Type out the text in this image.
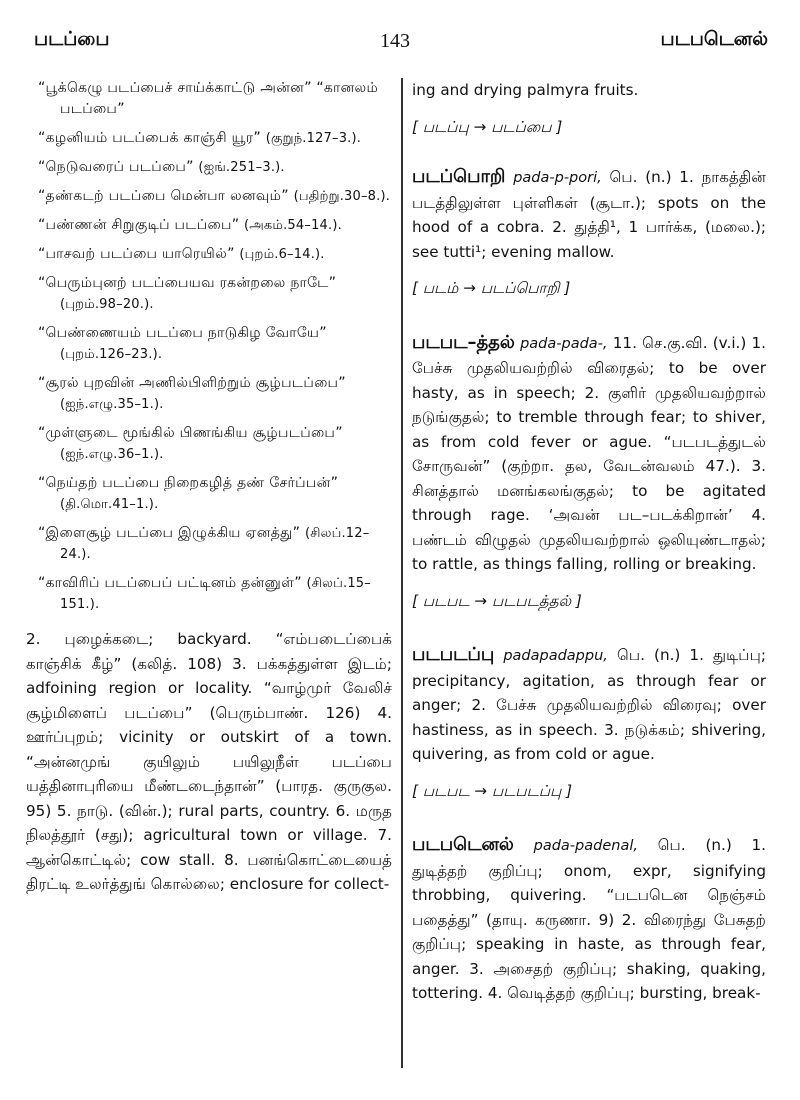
படப்பை	143	படபடெனல்

“பூக்கெழு படப்பைச் சாய்க்காட்டு அன்ன” “கானலம் படப்பை”

“கழனியம் படப்பைக் காஞ்சி யூர” (குறுந்.127–3.).

“நெடுவரைப் படப்பை” (ஐங்.251–3.).

“தண்கடற் படப்பை மென்பா லனவும்” (பதிற்று.30–8.).

“பண்ணன் சிறுகுடிப் படப்பை” (அகம்.54–14.).

“பாசவற் படப்பை யாரெயில்” (புறம்.6–14.).

“பெரும்புனற் படப்பையவ ரகன்றலை நாடே” (புறம்.98–20.).

“பெண்ணையம் படப்பை நாடுகிழ வோயே” (புறம்.126–23.).

“சூரல் புறவின் அணில்பிளிற்றும் சூழ்படப்பை” (ஐந்.எழு.35–1.).

“முள்ளுடை மூங்கில் பிணங்கிய சூழ்படப்பை” (ஐந்.எழு.36–1.).

“நெய்தற் படப்பை நிறைகழித் தண் சேர்ப்பன்” (தி.மொ.41–1.).

“இளைசூழ் படப்பை இழுக்கிய ஏனத்து” (சிலப்.12–24.).

“காவிரிப் படப்பைப் பட்டினம் தன்னுள்” (சிலப்.15–151.).

2. புழைக்கடை; backyard. “எம்படைப்பைக் காஞ்சிக் கீழ்” (கலித். 108) 3. பக்கத்துள்ள இடம்; adfoining region or locality. “வாழ்முர் வேலிச் சூழ்மிளைப் படப்பை” (பெரும்பாண். 126) 4. ஊர்ப்புறம்; vicinity or outskirt of a town. “அன்னமுங் குயிலும் பயிலுநீள் படப்பை யத்தினாபுரியை மீண்டடைந்தான்” (பாரத. குருகுல. 95) 5. நாடு. (வின்.); rural parts, country. 6. மருத நிலத்தூர் (சது); agricultural town or village. 7. ஆன்கொட்டில்; cow stall. 8. பனங்கொட்டையைத் திரட்டி உலர்த்துங் கொல்லை; enclosure for collect-

ing and drying palmyra fruits.

[ படப்பு → படப்பை ]

படப்பொறி pada-p-pori, பெ. (n.) 1. நாகத்தின் படத்திலுள்ள புள்ளிகள் (சூடா.); spots on the hood of a cobra. 2. துத்தி¹, 1 பார்க்க, (மலை.); see tutti¹; evening mallow.

[ படம் → படப்பொறி ]

படபட–த்தல் pada-pada-, 11. செ.கு.வி. (v.i.) 1. பேச்சு முதலியவற்றில் விரைதல்; to be over hasty, as in speech; 2. குளிர் முதலியவற்றால் நடுங்குதல்; to tremble through fear; to shiver, as from cold fever or ague. “படபடத்துடல் சோருவன்” (குற்றா. தல, வேடன்வலம் 47.). 3. சினத்தால் மனங்கலங்குதல்; to be agitated through rage. ‘அவன் பட–படக்கிறான்’ 4. பண்டம் விழுதல் முதலியவற்றால் ஒலியுண்டாதல்; to rattle, as things falling, rolling or breaking.

[ படபட → படபடத்தல் ]

படபடப்பு padapadappu, பெ. (n.) 1. துடிப்பு; precipitancy, agitation, as through fear or anger; 2. பேச்சு முதலியவற்றில் விரைவு; over hastiness, as in speech. 3. நடுக்கம்; shivering, quivering, as from cold or ague.

[ படபட → படபடப்பு ]

படபடெனல் pada-padenal, பெ. (n.) 1. துடித்தற் குறிப்பு; onom, expr, signifying throbbing, quivering. “படபடென நெஞ்சம் பதைத்து” (தாயு. கருணா. 9) 2. விரைந்து பேசுதற் குறிப்பு; speaking in haste, as through fear, anger. 3. அசைதற் குறிப்பு; shaking, quaking, tottering. 4. வெடித்தற் குறிப்பு; bursting, break-
